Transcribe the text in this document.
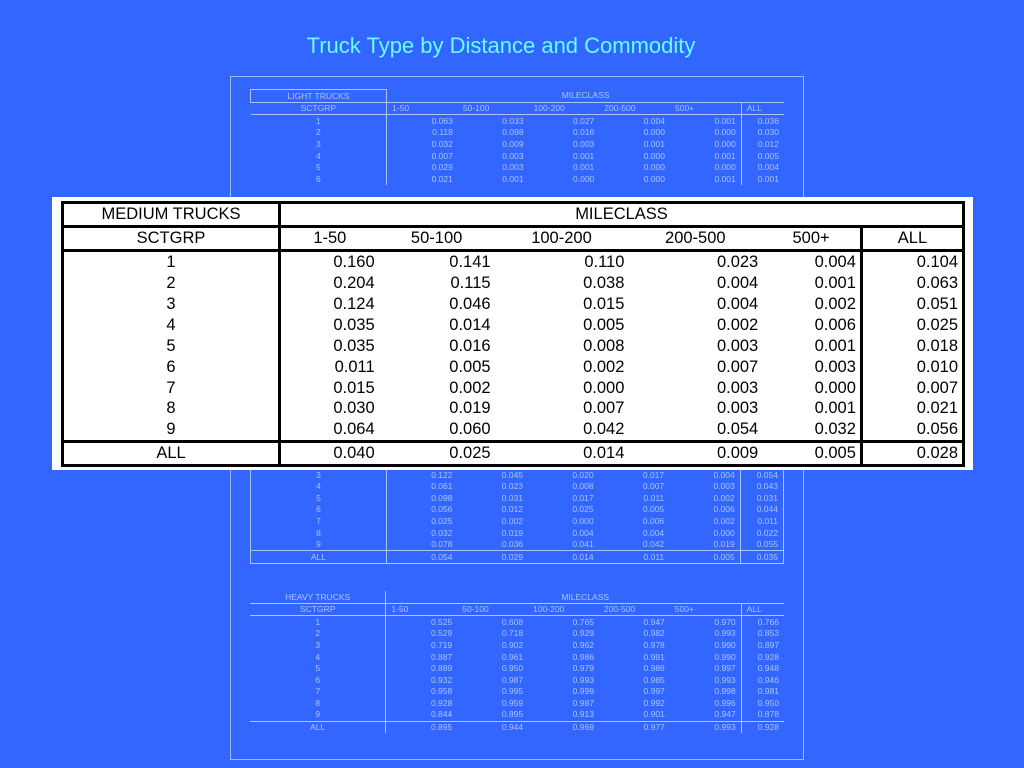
Truck Type by Distance and Commodity
LIGHT TRUCKS	MILECLASS					
SCTGRP	1-50	50-100	100-200	200-500	500+	ALL
1	0.063	0.033	0.027	0.004	0.001	0.036
2	0.118	0.098	0.016	0.000	0.000	0.030
3	0.032	0.009	0.003	0.001	0.000	0.012
4	0.007	0.003	0.001	0.000	0.001	0.005
5	0.029	0.003	0.001	0.000	0.000	0.004
6	0.021	0.001	0.000	0.000	0.001	0.001
3	0.122	0.045	0.020	0.017	0.004	0.054
4	0.061	0.023	0.008	0.007	0.003	0.043
5	0.098	0.031	0.017	0.011	0.002	0.031
6	0.056	0.012	0.025	0.005	0.006	0.044
7	0.025	0.002	0.000	0.006	0.002	0.011
8	0.032	0.019	0.004	0.004	0.000	0.022
9	0.078	0.036	0.041	0.042	0.019	0.055
ALL	0.054	0.029	0.014	0.011	0.005	0.035
HEAVY TRUCKS	MILECLASS					
SCTGRP	1-50	50-100	100-200	200-500	500+	ALL
1	0.525	0.608	0.765	0.947	0.970	0.766
2	0.529	0.718	0.929	0.982	0.993	0.853
3	0.719	0.902	0.962	0.978	0.990	0.897
4	0.887	0.961	0.986	0.991	0.990	0.928
5	0.889	0.950	0.979	0.986	0.997	0.948
6	0.932	0.987	0.993	0.985	0.993	0.946
7	0.958	0.995	0.999	0.997	0.998	0.981
8	0.928	0.959	0.987	0.992	0.996	0.950
9	0.844	0.895	0.913	0.901	0.947	0.878
ALL	0.895	0.944	0.969	0.977	0.993	0.928
MEDIUM TRUCKS	MILECLASS					
SCTGRP	1-50	50-100	100-200	200-500	500+	ALL
1	0.160	0.141	0.110	0.023	0.004	0.104
2	0.204	0.115	0.038	0.004	0.001	0.063
3	0.124	0.046	0.015	0.004	0.002	0.051
4	0.035	0.014	0.005	0.002	0.006	0.025
5	0.035	0.016	0.008	0.003	0.001	0.018
6	0.011	0.005	0.002	0.007	0.003	0.010
7	0.015	0.002	0.000	0.003	0.000	0.007
8	0.030	0.019	0.007	0.003	0.001	0.021
9	0.064	0.060	0.042	0.054	0.032	0.056
ALL	0.040	0.025	0.014	0.009	0.005	0.028
